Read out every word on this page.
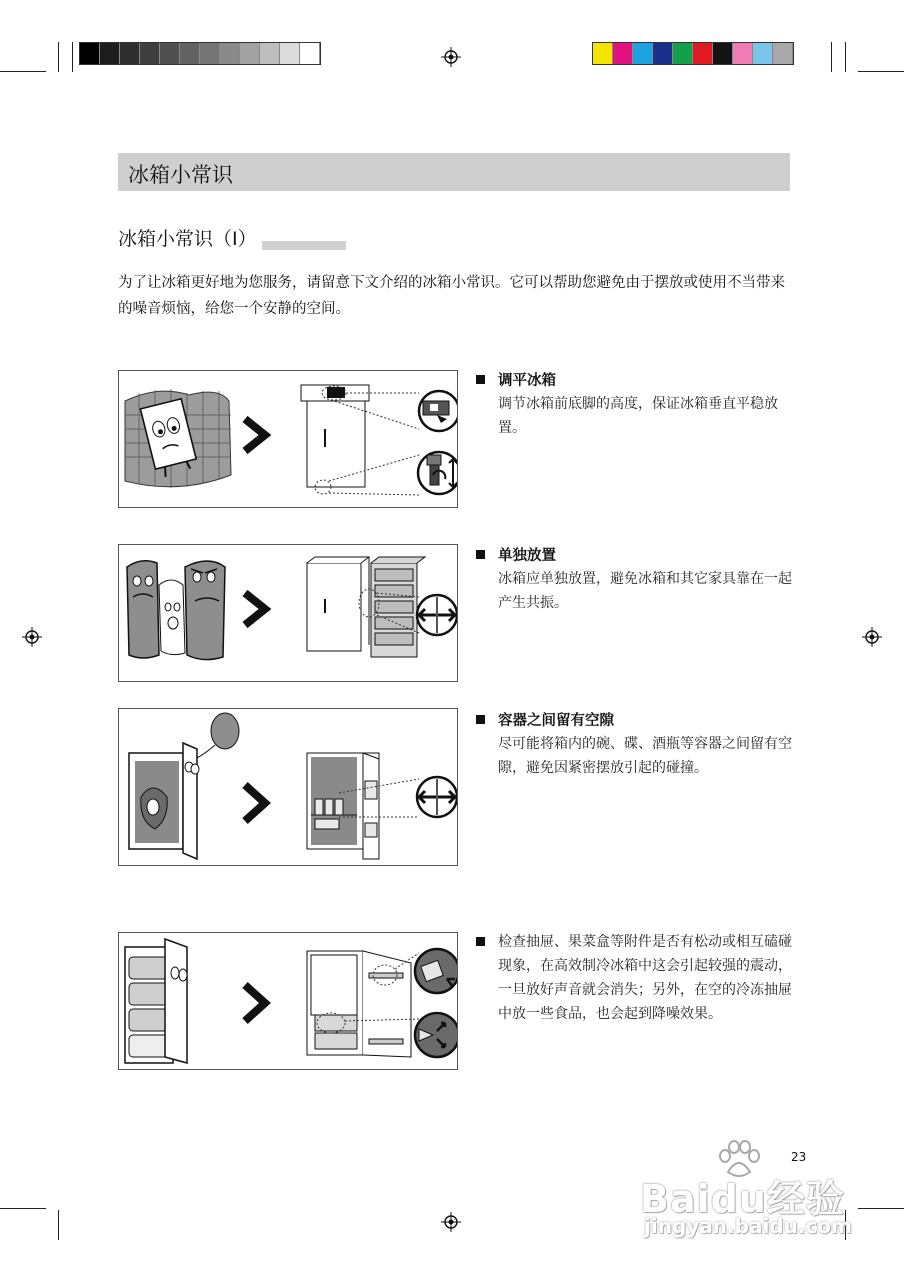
冰箱小常识
冰箱小常识（I）
为了让冰箱更好地为您服务，请留意下文介绍的冰箱小常识。它可以帮助您避免由于摆放或使用不当带来的噪音烦恼，给您一个安静的空间。
调平冰箱
调节冰箱前底脚的高度，保证冰箱垂直平稳放置。
单独放置
冰箱应单独放置，避免冰箱和其它家具靠在一起产生共振。
容器之间留有空隙
尽可能将箱内的碗、碟、酒瓶等容器之间留有空隙，避免因紧密摆放引起的碰撞。
检查抽屉、果菜盒等附件是否有松动或相互磕碰现象，在高效制冷冰箱中这会引起较强的震动，一旦放好声音就会消失；另外，在空的冷冻抽屉中放一些食品，也会起到降噪效果。
23
Baidu经验
jingyan.baidu.com
